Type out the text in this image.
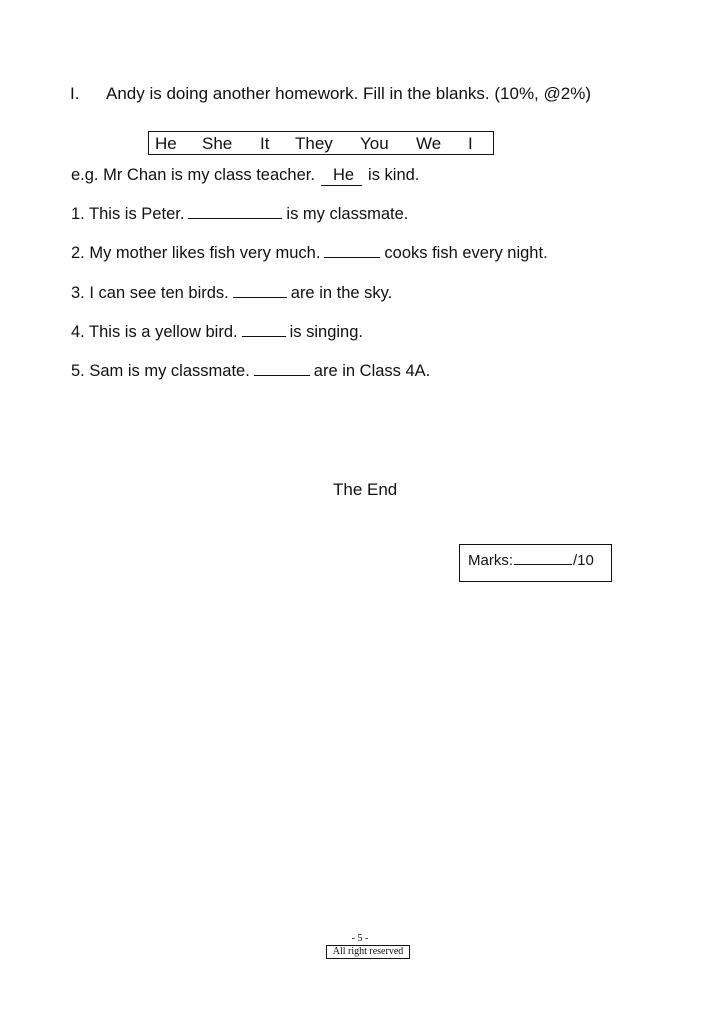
I. Andy is doing another homework. Fill in the blanks. (10%, @2%)
He She It They You We I
e.g. Mr Chan is my class teacher. He is kind.
1. This is Peter.	is my classmate.
2. My mother likes fish very much.	cooks fish every night.
3. I can see ten birds.	are in the sky.
4. This is a yellow bird.	is singing.
5. Sam is my classmate.	are in Class 4A.
The End
Marks:	/10
- 5 -
All right reserved
